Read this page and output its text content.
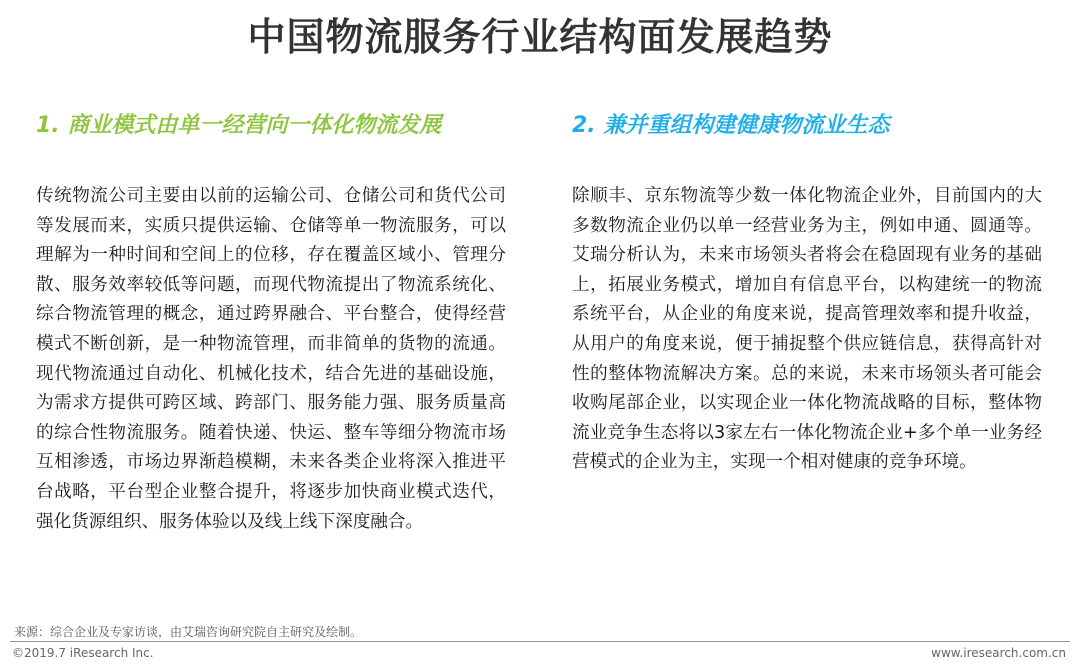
中国物流服务行业结构面发展趋势
1. 商业模式由单一经营向一体化物流发展

传统物流公司主要由以前的运输公司、仓储公司和货代公司等发展而来，实质只提供运输、仓储等单一物流服务，可以理解为一种时间和空间上的位移，存在覆盖区域小、管理分散、服务效率较低等问题，而现代物流提出了物流系统化、综合物流管理的概念，通过跨界融合、平台整合，使得经营模式不断创新，是一种物流管理，而非简单的货物的流通。现代物流通过自动化、机械化技术，结合先进的基础设施，为需求方提供可跨区域、跨部门、服务能力强、服务质量高的综合性物流服务。随着快递、快运、整车等细分物流市场互相渗透，市场边界渐趋模糊，未来各类企业将深入推进平台战略，平台型企业整合提升，将逐步加快商业模式迭代，强化货源组织、服务体验以及线上线下深度融合。

2. 兼并重组构建健康物流业生态

除顺丰、京东物流等少数一体化物流企业外，目前国内的大多数物流企业仍以单一经营业务为主，例如申通、圆通等。艾瑞分析认为，未来市场领头者将会在稳固现有业务的基础上，拓展业务模式，增加自有信息平台，以构建统一的物流系统平台，从企业的角度来说，提高管理效率和提升收益，从用户的角度来说，便于捕捉整个供应链信息，获得高针对性的整体物流解决方案。总的来说，未来市场领头者可能会收购尾部企业，以实现企业一体化物流战略的目标，整体物流业竞争生态将以3家左右一体化物流企业+多个单一业务经营模式的企业为主，实现一个相对健康的竞争环境。

来源：综合企业及专家访谈，由艾瑞咨询研究院自主研究及绘制。
©2019.7 iResearch Inc.	www.iresearch.com.cn
